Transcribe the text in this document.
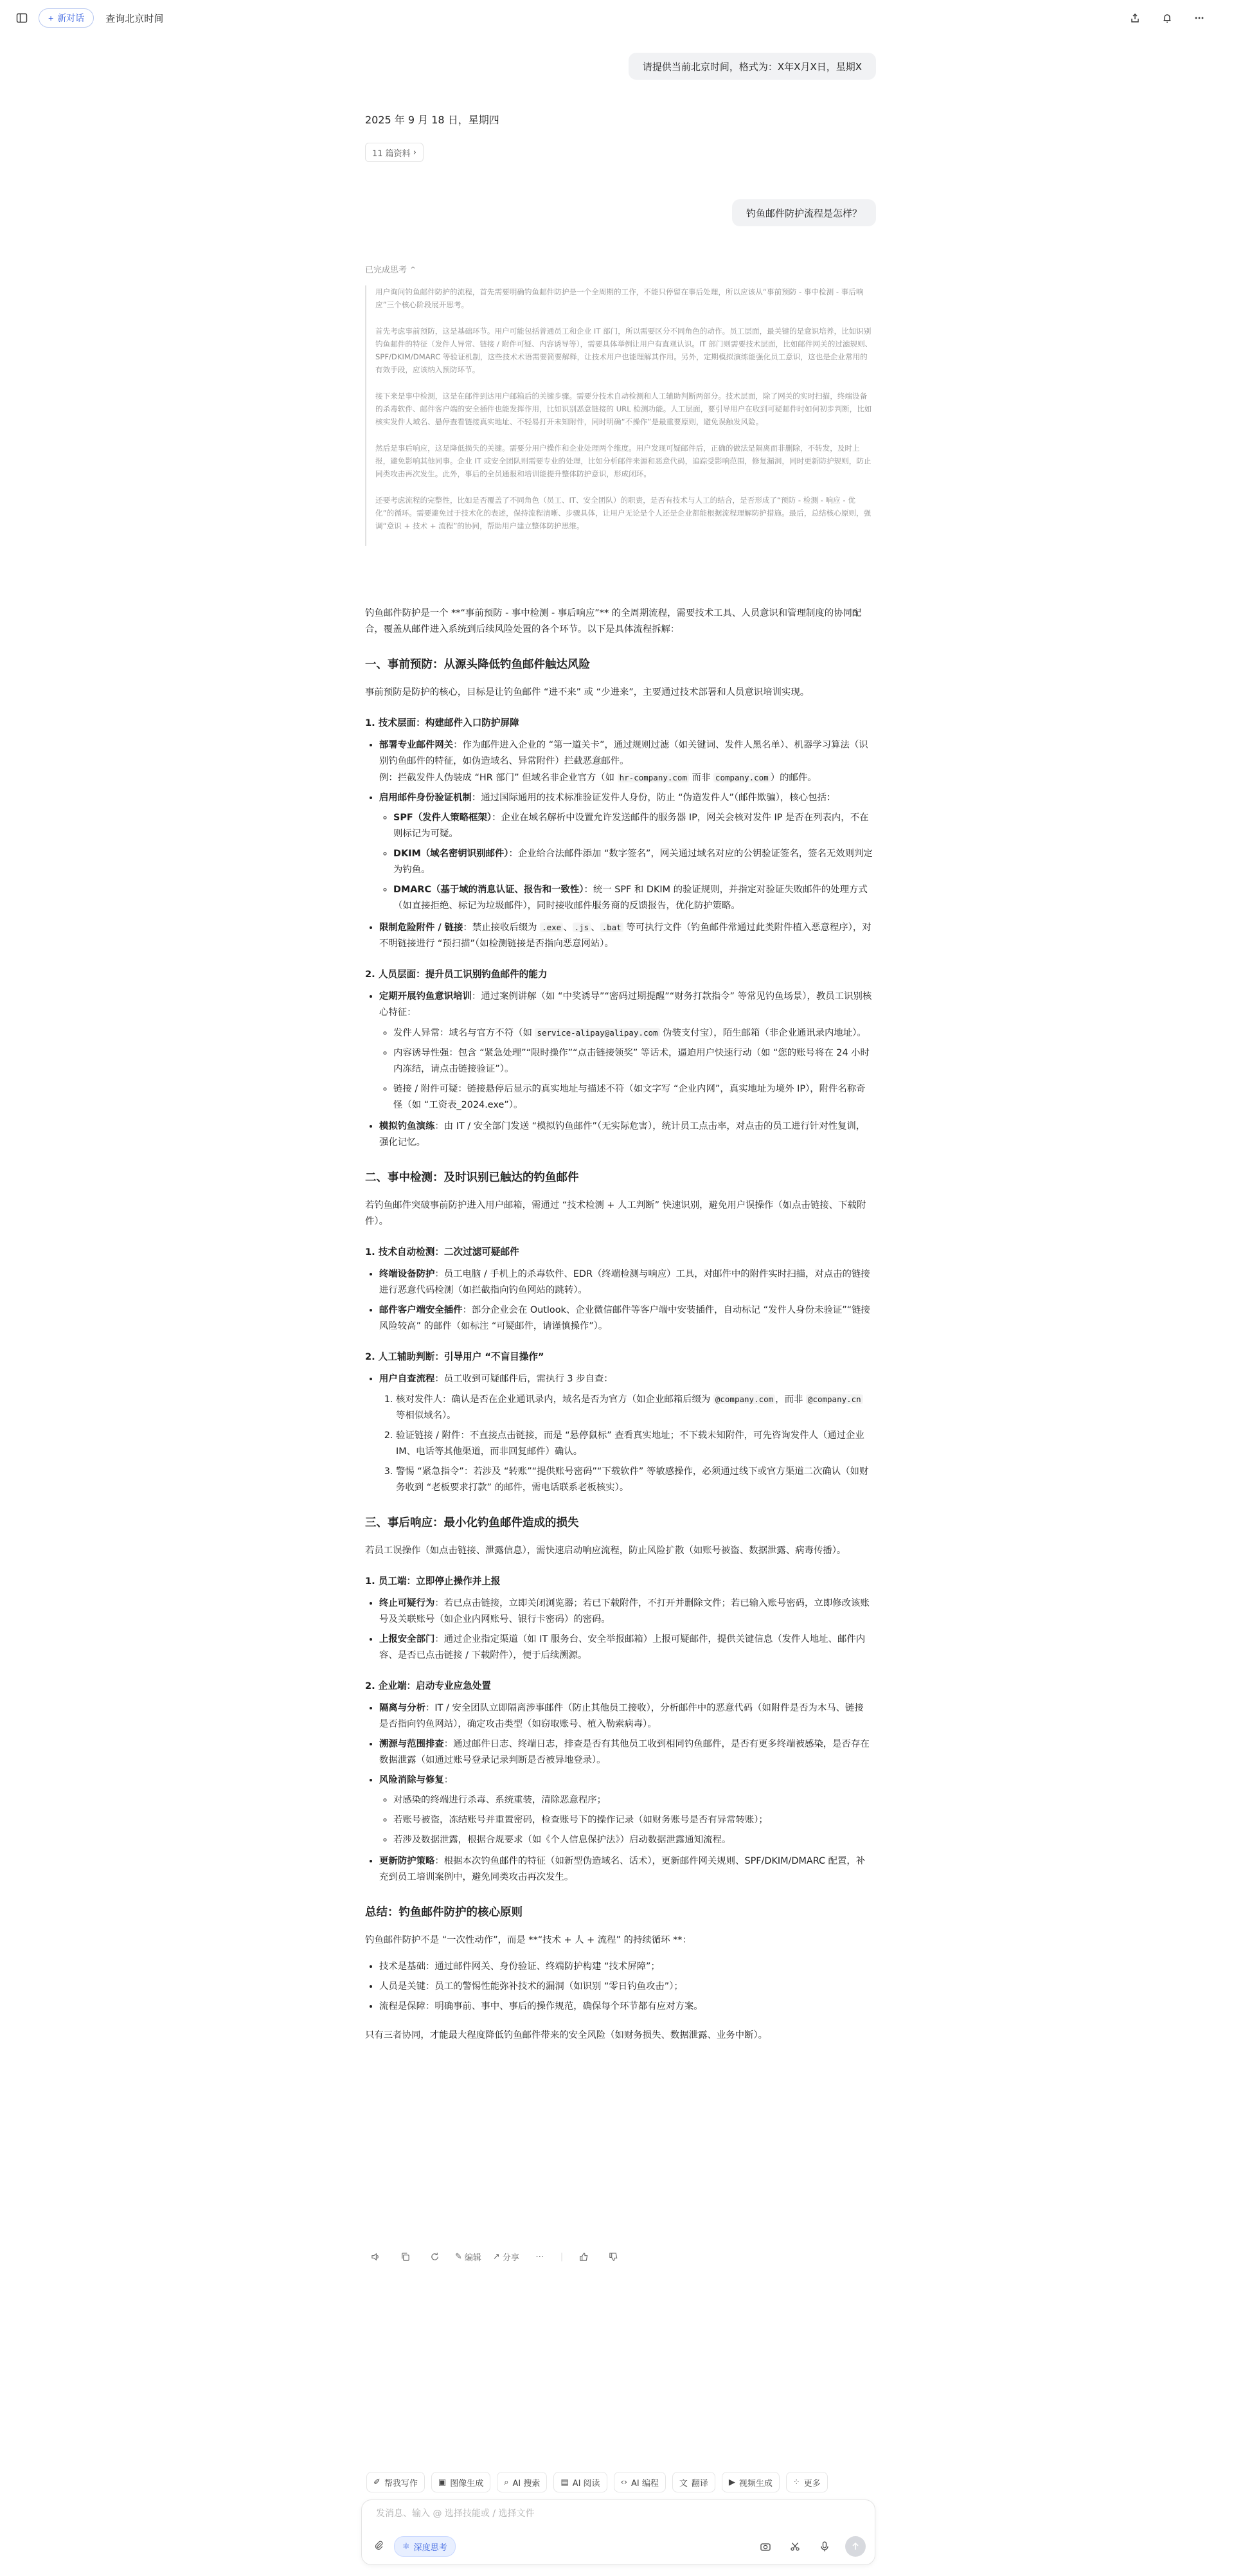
+ 新对话 查询北京时间
请提供当前北京时间，格式为：X年X月X日，星期X
2025 年 9 月 18 日，星期四
11 篇资料 ›
钓鱼邮件防护流程是怎样？
已完成思考 ⌃

用户询问钓鱼邮件防护的流程，首先需要明确钓鱼邮件防护是一个全周期的工作，不能只停留在事后处理，所以应该从“事前预防 - 事中检测 - 事后响应”三个核心阶段展开思考。

首先考虑事前预防，这是基础环节。用户可能包括普通员工和企业 IT 部门，所以需要区分不同角色的动作。员工层面，最关键的是意识培养，比如识别钓鱼邮件的特征（发件人异常、链接 / 附件可疑、内容诱导等），需要具体举例让用户有直观认识。IT 部门则需要技术层面，比如邮件网关的过滤规则、SPF/DKIM/DMARC 等验证机制，这些技术术语需要简要解释，让技术用户也能理解其作用。另外，定期模拟演练能强化员工意识，这也是企业常用的有效手段，应该纳入预防环节。

接下来是事中检测，这是在邮件到达用户邮箱后的关键步骤。需要分技术自动检测和人工辅助判断两部分。技术层面，除了网关的实时扫描，终端设备的杀毒软件、邮件客户端的安全插件也能发挥作用，比如识别恶意链接的 URL 检测功能。人工层面，要引导用户在收到可疑邮件时如何初步判断，比如核实发件人域名、悬停查看链接真实地址、不轻易打开未知附件，同时明确“不操作”是最重要原则，避免误触发风险。

然后是事后响应，这是降低损失的关键。需要分用户操作和企业处理两个维度。用户发现可疑邮件后，正确的做法是隔离而非删除，不转发，及时上报，避免影响其他同事。企业 IT 或安全团队则需要专业的处理，比如分析邮件来源和恶意代码，追踪受影响范围，修复漏洞，同时更新防护规则，防止同类攻击再次发生。此外，事后的全员通报和培训能提升整体防护意识，形成闭环。

还要考虑流程的完整性，比如是否覆盖了不同角色（员工、IT、安全团队）的职责，是否有技术与人工的结合，是否形成了“预防 - 检测 - 响应 - 优化”的循环。需要避免过于技术化的表述，保持流程清晰、步骤具体，让用户无论是个人还是企业都能根据流程理解防护措施。最后，总结核心原则，强调“意识 + 技术 + 流程”的协同，帮助用户建立整体防护思维。

钓鱼邮件防护是一个 **“事前预防 - 事中检测 - 事后响应”** 的全周期流程，需要技术工具、人员意识和管理制度的协同配合，覆盖从邮件进入系统到后续风险处置的各个环节。以下是具体流程拆解：

一、事前预防：从源头降低钓鱼邮件触达风险

事前预防是防护的核心，目标是让钓鱼邮件 “进不来” 或 “少进来”，主要通过技术部署和人员意识培训实现。

1. 技术层面：构建邮件入口防护屏障
• 部署专业邮件网关：作为邮件进入企业的 “第一道关卡”，通过规则过滤（如关键词、发件人黑名单）、机器学习算法（识别钓鱼邮件的特征，如伪造域名、异常附件）拦截恶意邮件。
例：拦截发件人伪装成 “HR 部门” 但域名非企业官方（如 hr-company.com 而非 company.com ）的邮件。
• 启用邮件身份验证机制：通过国际通用的技术标准验证发件人身份，防止 “伪造发件人”（邮件欺骗），核心包括：
◦ SPF（发件人策略框架）：企业在域名解析中设置允许发送邮件的服务器 IP，网关会核对发件 IP 是否在列表内，不在则标记为可疑。
◦ DKIM（域名密钥识别邮件）：企业给合法邮件添加 “数字签名”，网关通过域名对应的公钥验证签名，签名无效则判定为钓鱼。
◦ DMARC（基于域的消息认证、报告和一致性）：统一 SPF 和 DKIM 的验证规则，并指定对验证失败邮件的处理方式（如直接拒绝、标记为垃圾邮件），同时接收邮件服务商的反馈报告，优化防护策略。
• 限制危险附件 / 链接：禁止接收后缀为 .exe 、 .js 、 .bat 等可执行文件（钓鱼邮件常通过此类附件植入恶意程序），对不明链接进行 “预扫描”（如检测链接是否指向恶意网站）。
2. 人员层面：提升员工识别钓鱼邮件的能力
• 定期开展钓鱼意识培训：通过案例讲解（如 “中奖诱导”“密码过期提醒”“财务打款指令” 等常见钓鱼场景），教员工识别核心特征：
◦ 发件人异常：域名与官方不符（如 service-alipay@alipay.com 伪装支付宝），陌生邮箱（非企业通讯录内地址）。
◦ 内容诱导性强：包含 “紧急处理”“限时操作”“点击链接领奖” 等话术，逼迫用户快速行动（如 “您的账号将在 24 小时内冻结，请点击链接验证”）。
◦ 链接 / 附件可疑：链接悬停后显示的真实地址与描述不符（如文字写 “企业内网”，真实地址为境外 IP），附件名称奇怪（如 “工资表_2024.exe”）。
• 模拟钓鱼演练：由 IT / 安全部门发送 “模拟钓鱼邮件”（无实际危害），统计员工点击率，对点击的员工进行针对性复训，强化记忆。
二、事中检测：及时识别已触达的钓鱼邮件

若钓鱼邮件突破事前防护进入用户邮箱，需通过 “技术检测 + 人工判断” 快速识别，避免用户误操作（如点击链接、下载附件）。

1. 技术自动检测：二次过滤可疑邮件
• 终端设备防护：员工电脑 / 手机上的杀毒软件、EDR（终端检测与响应）工具，对邮件中的附件实时扫描，对点击的链接进行恶意代码检测（如拦截指向钓鱼网站的跳转）。
• 邮件客户端安全插件：部分企业会在 Outlook、企业微信邮件等客户端中安装插件，自动标记 “发件人身份未验证”“链接风险较高” 的邮件（如标注 “可疑邮件，请谨慎操作”）。
2. 人工辅助判断：引导用户 “不盲目操作”
• 用户自查流程：员工收到可疑邮件后，需执行 3 步自查：
1. 核对发件人：确认是否在企业通讯录内，域名是否为官方（如企业邮箱后缀为 @company.com ，而非 @company.cn 等相似域名）。
2. 验证链接 / 附件：不直接点击链接，而是 “悬停鼠标” 查看真实地址；不下载未知附件，可先咨询发件人（通过企业 IM、电话等其他渠道，而非回复邮件）确认。
3. 警惕 “紧急指令”：若涉及 “转账”“提供账号密码”“下载软件” 等敏感操作，必须通过线下或官方渠道二次确认（如财务收到 “老板要求打款” 的邮件，需电话联系老板核实）。
三、事后响应：最小化钓鱼邮件造成的损失

若员工误操作（如点击链接、泄露信息），需快速启动响应流程，防止风险扩散（如账号被盗、数据泄露、病毒传播）。

1. 员工端：立即停止操作并上报
• 终止可疑行为：若已点击链接，立即关闭浏览器；若已下载附件，不打开并删除文件；若已输入账号密码，立即修改该账号及关联账号（如企业内网账号、银行卡密码）的密码。
• 上报安全部门：通过企业指定渠道（如 IT 服务台、安全举报邮箱）上报可疑邮件，提供关键信息（发件人地址、邮件内容、是否已点击链接 / 下载附件），便于后续溯源。
2. 企业端：启动专业应急处置
• 隔离与分析：IT / 安全团队立即隔离涉事邮件（防止其他员工接收），分析邮件中的恶意代码（如附件是否为木马、链接是否指向钓鱼网站），确定攻击类型（如窃取账号、植入勒索病毒）。
• 溯源与范围排查：通过邮件日志、终端日志，排查是否有其他员工收到相同钓鱼邮件，是否有更多终端被感染，是否存在数据泄露（如通过账号登录记录判断是否被异地登录）。
• 风险消除与修复：
◦ 对感染的终端进行杀毒、系统重装，清除恶意程序；
◦ 若账号被盗，冻结账号并重置密码，检查账号下的操作记录（如财务账号是否有异常转账）；
◦ 若涉及数据泄露，根据合规要求（如《个人信息保护法》）启动数据泄露通知流程。
• 更新防护策略：根据本次钓鱼邮件的特征（如新型伪造域名、话术），更新邮件网关规则、SPF/DKIM/DMARC 配置，补充到员工培训案例中，避免同类攻击再次发生。
总结：钓鱼邮件防护的核心原则

钓鱼邮件防护不是 “一次性动作”，而是 **“技术 + 人 + 流程” 的持续循环 **：

• 技术是基础：通过邮件网关、身份验证、终端防护构建 “技术屏障”；
• 人员是关键：员工的警惕性能弥补技术的漏洞（如识别 “零日钓鱼攻击”）；
• 流程是保障：明确事前、事中、事后的操作规范，确保每个环节都有应对方案。

只有三者协同，才能最大程度降低钓鱼邮件带来的安全风险（如财务损失、数据泄露、业务中断）。

✎ 编辑 ↗ 分享	⋯	|
✐ 帮我写作 ▣ 图像生成 ⌕ AI 搜索 ▤ AI 阅读 ‹› AI 编程 文 翻译 ▶ 视频生成 ⁘ 更多
发消息、输入 @ 选择技能或 / 选择文件
⚛ 深度思考
